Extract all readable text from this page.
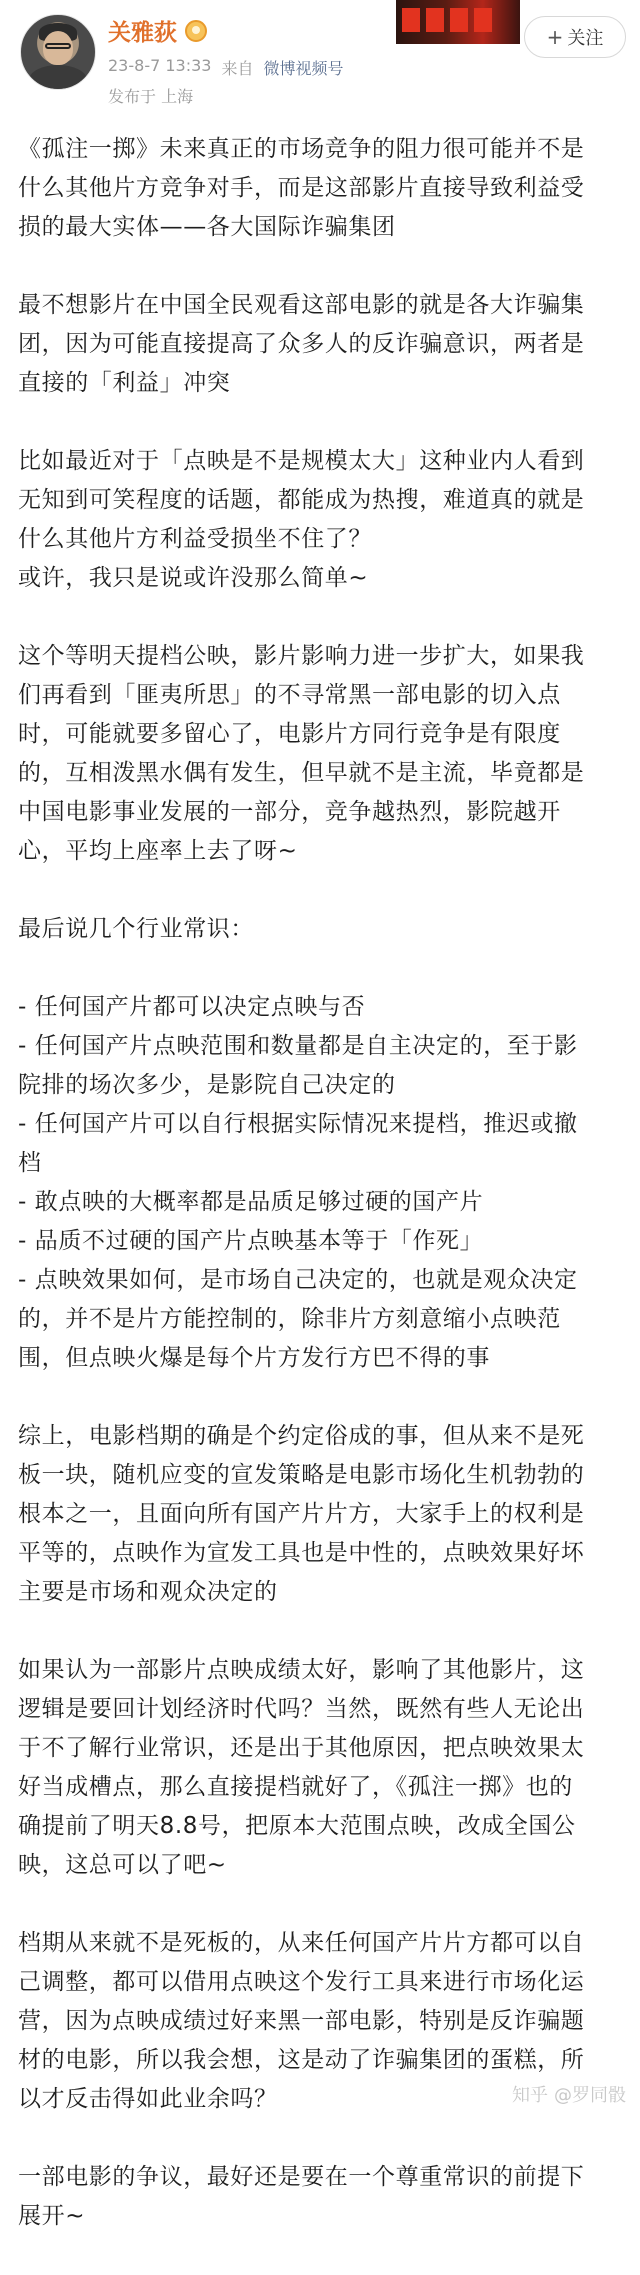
关雅荻
23-8-7 13:33 来自 微博视频号
发布于 上海
+ 关注
《孤注一掷》未来真正的市场竞争的阻力很可能并不是
什么其他片方竞争对手，而是这部影片直接导致利益受
损的最大实体——各大国际诈骗集团
最不想影片在中国全民观看这部电影的就是各大诈骗集
团，因为可能直接提高了众多人的反诈骗意识，两者是
直接的「利益」冲突
比如最近对于「点映是不是规模太大」这种业内人看到
无知到可笑程度的话题，都能成为热搜，难道真的就是
什么其他片方利益受损坐不住了？
或许，我只是说或许没那么简单~
这个等明天提档公映，影片影响力进一步扩大，如果我
们再看到「匪夷所思」的不寻常黑一部电影的切入点
时，可能就要多留心了，电影片方同行竞争是有限度
的，互相泼黑水偶有发生，但早就不是主流，毕竟都是
中国电影事业发展的一部分，竞争越热烈，影院越开
心，平均上座率上去了呀~
最后说几个行业常识：
- 任何国产片都可以决定点映与否
- 任何国产片点映范围和数量都是自主决定的，至于影
院排的场次多少，是影院自己决定的
- 任何国产片可以自行根据实际情况来提档，推迟或撤
档
- 敢点映的大概率都是品质足够过硬的国产片
- 品质不过硬的国产片点映基本等于「作死」
- 点映效果如何，是市场自己决定的，也就是观众决定
的，并不是片方能控制的，除非片方刻意缩小点映范
围，但点映火爆是每个片方发行方巴不得的事
综上，电影档期的确是个约定俗成的事，但从来不是死
板一块，随机应变的宣发策略是电影市场化生机勃勃的
根本之一，且面向所有国产片片方，大家手上的权利是
平等的，点映作为宣发工具也是中性的，点映效果好坏
主要是市场和观众决定的
如果认为一部影片点映成绩太好，影响了其他影片，这
逻辑是要回计划经济时代吗？当然，既然有些人无论出
于不了解行业常识，还是出于其他原因，把点映效果太
好当成槽点，那么直接提档就好了，《孤注一掷》也的
确提前了明天8.8号，把原本大范围点映，改成全国公
映，这总可以了吧~
档期从来就不是死板的，从来任何国产片片方都可以自
己调整，都可以借用点映这个发行工具来进行市场化运
营，因为点映成绩过好来黑一部电影，特别是反诈骗题
材的电影，所以我会想，这是动了诈骗集团的蛋糕，所
以才反击得如此业余吗？
一部电影的争议，最好还是要在一个尊重常识的前提下
展开~
知乎 @罗同骰
